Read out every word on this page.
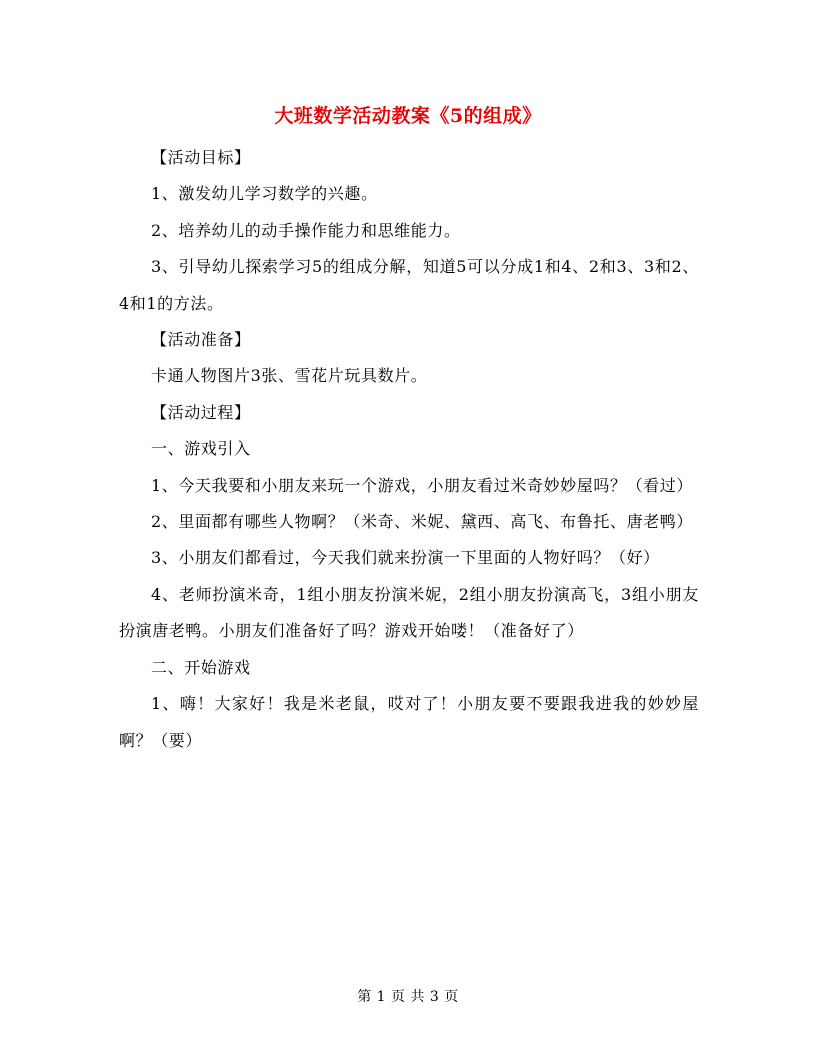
大班数学活动教案《5的组成》

【活动目标】

1、激发幼儿学习数学的兴趣。

2、培养幼儿的动手操作能力和思维能力。

3、引导幼儿探索学习5的组成分解，知道5可以分成1和4、2和3、3和2、4和1的方法。

【活动准备】

卡通人物图片3张、雪花片玩具数片。

【活动过程】

一、游戏引入

1、今天我要和小朋友来玩一个游戏，小朋友看过米奇妙妙屋吗？（看过）

2、里面都有哪些人物啊？（米奇、米妮、黛西、高飞、布鲁托、唐老鸭）

3、小朋友们都看过，今天我们就来扮演一下里面的人物好吗？（好）

4、老师扮演米奇，1组小朋友扮演米妮，2组小朋友扮演高飞，3组小朋友扮演唐老鸭。小朋友们准备好了吗？游戏开始喽！（准备好了）

二、开始游戏

1、嗨！大家好！我是米老鼠，哎对了！小朋友要不要跟我进我的妙妙屋啊？（要）

第 1 页 共 3 页
